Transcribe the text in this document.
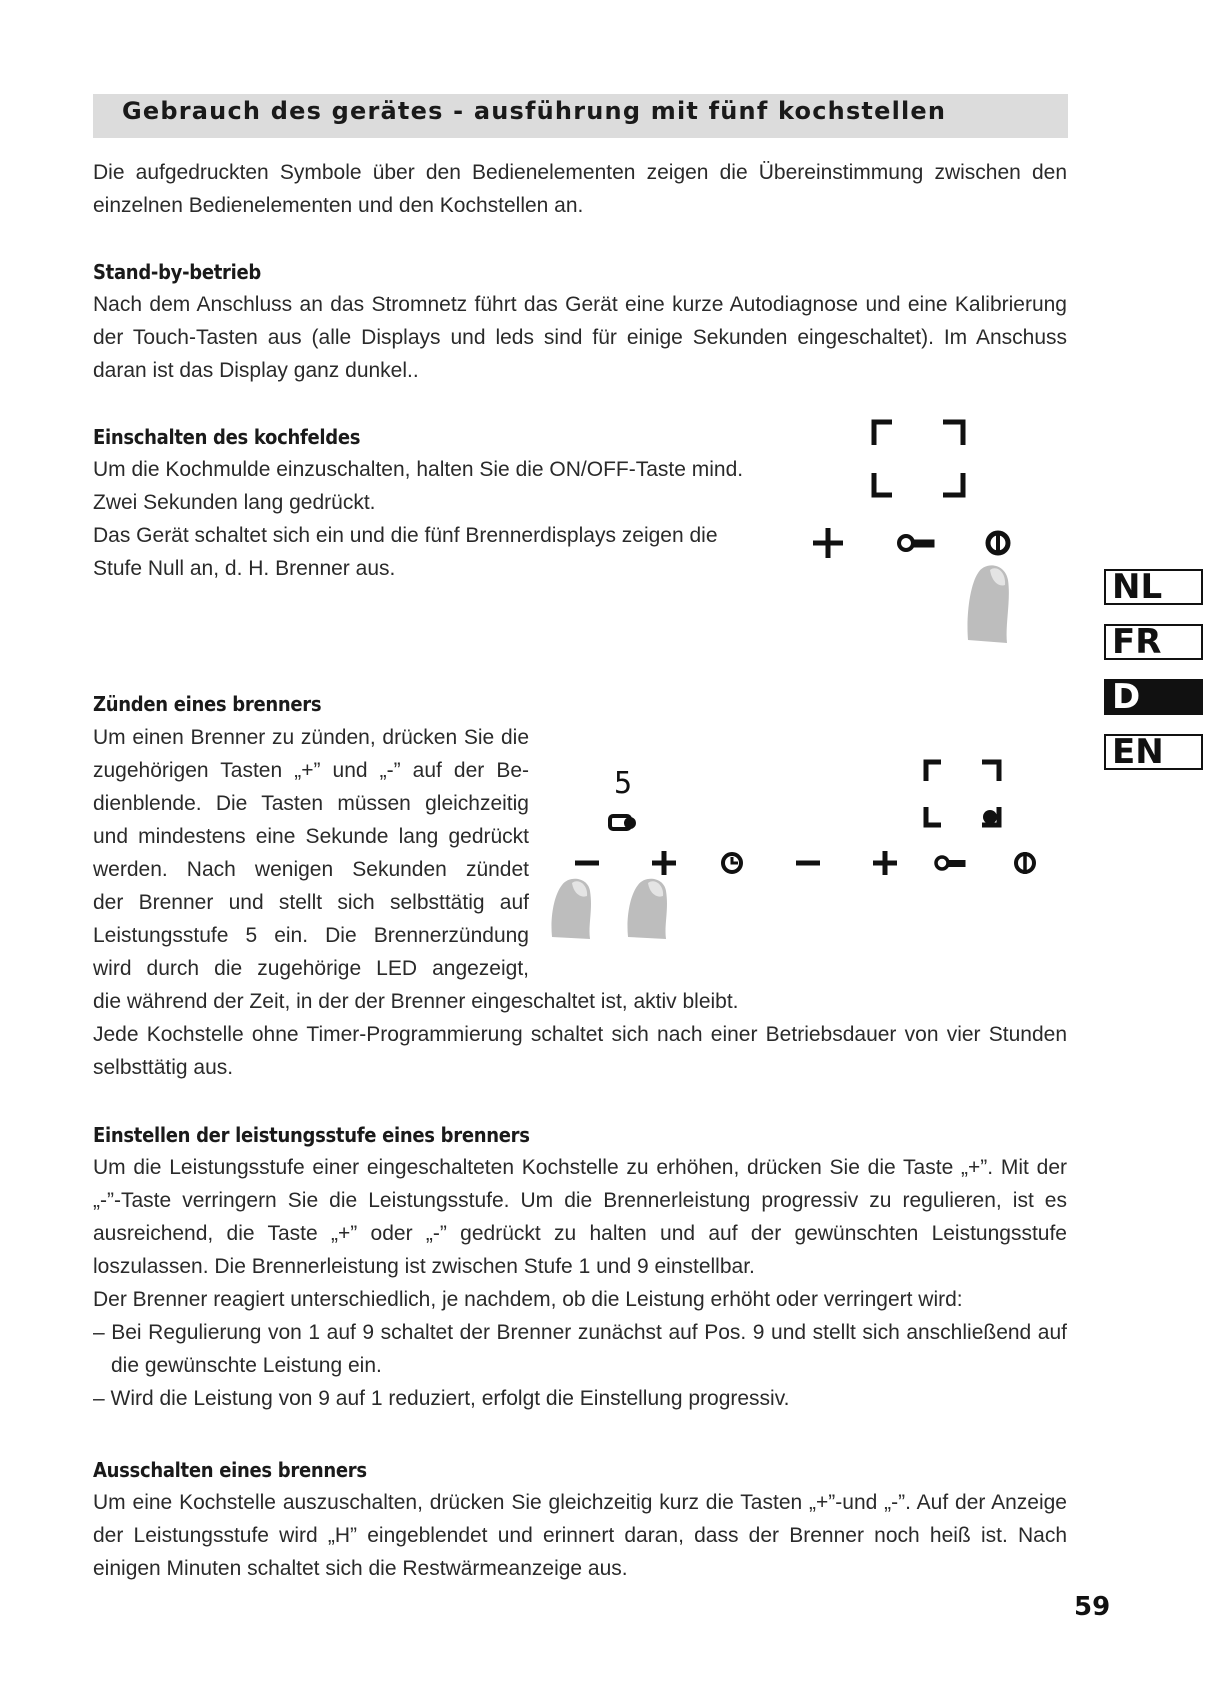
Gebrauch des gerätes - ausführung mit fünf kochstellen

Die aufgedruckten Symbole über den Bedienelementen zeigen die Übereinstimmung zwischen den einzelnen Bedienelementen und den Kochstellen an.

Stand-by-betrieb

Nach dem Anschluss an das Stromnetz führt das Gerät eine kurze Autodiagnose und eine Kalibrierung der Touch-Tasten aus (alle Displays und leds sind für einige Sekunden eingeschaltet). Im Anschuss daran ist das Display ganz dunkel..

Einschalten des kochfeldes

Um die Kochmulde einzuschalten, halten Sie die ON/OFF-Taste mind.

Zwei Sekunden lang gedrückt.

Das Gerät schaltet sich ein und die fünf Brennerdisplays zeigen die

Stufe Null an, d. H. Brenner aus.

Zünden eines brenners

Um einen Brenner zu zünden, drücken Sie die

zugehörigen Tasten „+” und „-” auf der Be-

dienblende. Die Tasten müssen gleichzeitig

und mindestens eine Sekunde lang gedrückt

werden. Nach wenigen Sekunden zündet

der Brenner und stellt sich selbsttätig auf

Leistungsstufe 5 ein. Die Brennerzündung

wird durch die zugehörige LED angezeigt,

die während der Zeit, in der der Brenner eingeschaltet ist, aktiv bleibt.

Jede Kochstelle ohne Timer-Programmierung schaltet sich nach einer Betriebsdauer von vier Stunden selbsttätig aus.

5

Einstellen der leistungsstufe eines brenners

Um die Leistungsstufe einer eingeschalteten Kochstelle zu erhöhen, drücken Sie die Taste „+”. Mit der „-”-Taste verringern Sie die Leistungsstufe. Um die Brennerleistung progressiv zu regulieren, ist es ausreichend, die Taste „+” oder „-” gedrückt zu halten und auf der gewünschten Leistungsstufe loszulassen. Die Brennerleistung ist zwischen Stufe 1 und 9 einstellbar.

Der Brenner reagiert unterschiedlich, je nachdem, ob die Leistung erhöht oder verringert wird:

– Bei Regulierung von 1 auf 9 schaltet der Brenner zunächst auf Pos. 9 und stellt sich anschließend auf die gewünschte Leistung ein.

– Wird die Leistung von 9 auf 1 reduziert, erfolgt die Einstellung progressiv.

Ausschalten eines brenners

Um eine Kochstelle auszuschalten, drücken Sie gleichzeitig kurz die Tasten „+”-und „-”. Auf der Anzeige der Leistungsstufe wird „H” eingeblendet und erinnert daran, dass der Brenner noch heiß ist. Nach einigen Minuten schaltet sich die Restwärmeanzeige aus.

NL
FR
D
EN
59
